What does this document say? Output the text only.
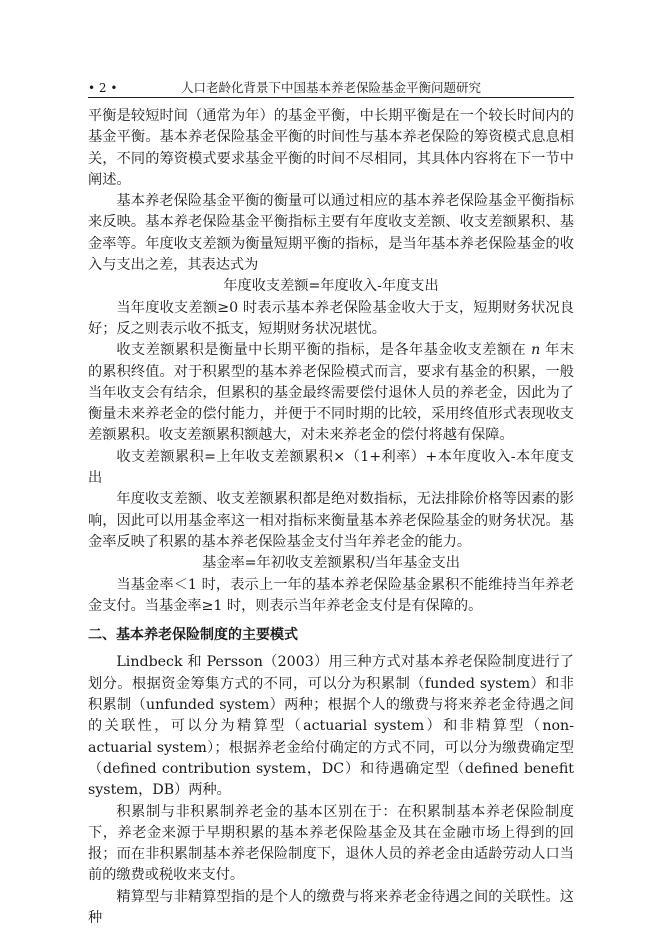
• 2 •	人口老龄化背景下中国基本养老保险基金平衡问题研究

平衡是较短时间（通常为年）的基金平衡，中长期平衡是在一个较长时间内的基金平衡。基本养老保险基金平衡的时间性与基本养老保险的筹资模式息息相关，不同的筹资模式要求基金平衡的时间不尽相同，其具体内容将在下一节中阐述。

基本养老保险基金平衡的衡量可以通过相应的基本养老保险基金平衡指标来反映。基本养老保险基金平衡指标主要有年度收支差额、收支差额累积、基金率等。年度收支差额为衡量短期平衡的指标，是当年基本养老保险基金的收入与支出之差，其表达式为

年度收支差额=年度收入-年度支出

当年度收支差额≥0 时表示基本养老保险基金收大于支，短期财务状况良好；反之则表示收不抵支，短期财务状况堪忧。

收支差额累积是衡量中长期平衡的指标，是各年基金收支差额在 n 年末的累积终值。对于积累型的基本养老保险模式而言，要求有基金的积累，一般当年收支会有结余，但累积的基金最终需要偿付退休人员的养老金，因此为了衡量未来养老金的偿付能力，并便于不同时期的比较，采用终值形式表现收支差额累积。收支差额累积额越大，对未来养老金的偿付将越有保障。

收支差额累积=上年收支差额累积×（1+利率）+本年度收入-本年度支出

年度收支差额、收支差额累积都是绝对数指标，无法排除价格等因素的影响，因此可以用基金率这一相对指标来衡量基本养老保险基金的财务状况。基金率反映了积累的基本养老保险基金支付当年养老金的能力。

基金率=年初收支差额累积/当年基金支出

当基金率＜1 时，表示上一年的基本养老保险基金累积不能维持当年养老金支付。当基金率≥1 时，则表示当年养老金支付是有保障的。

二、基本养老保险制度的主要模式

Lindbeck 和 Persson（2003）用三种方式对基本养老保险制度进行了划分。根据资金筹集方式的不同，可以分为积累制（funded system）和非积累制（unfunded system）两种；根据个人的缴费与将来养老金待遇之间的关联性，可以分为精算型（actuarial system）和非精算型（non-actuarial system）；根据养老金给付确定的方式不同，可以分为缴费确定型（defined contribution system，DC）和待遇确定型（defined benefit system，DB）两种。

积累制与非积累制养老金的基本区别在于：在积累制基本养老保险制度下，养老金来源于早期积累的基本养老保险基金及其在金融市场上得到的回报；而在非积累制基本养老保险制度下，退休人员的养老金由适龄劳动人口当前的缴费或税收来支付。

精算型与非精算型指的是个人的缴费与将来养老金待遇之间的关联性。这种
